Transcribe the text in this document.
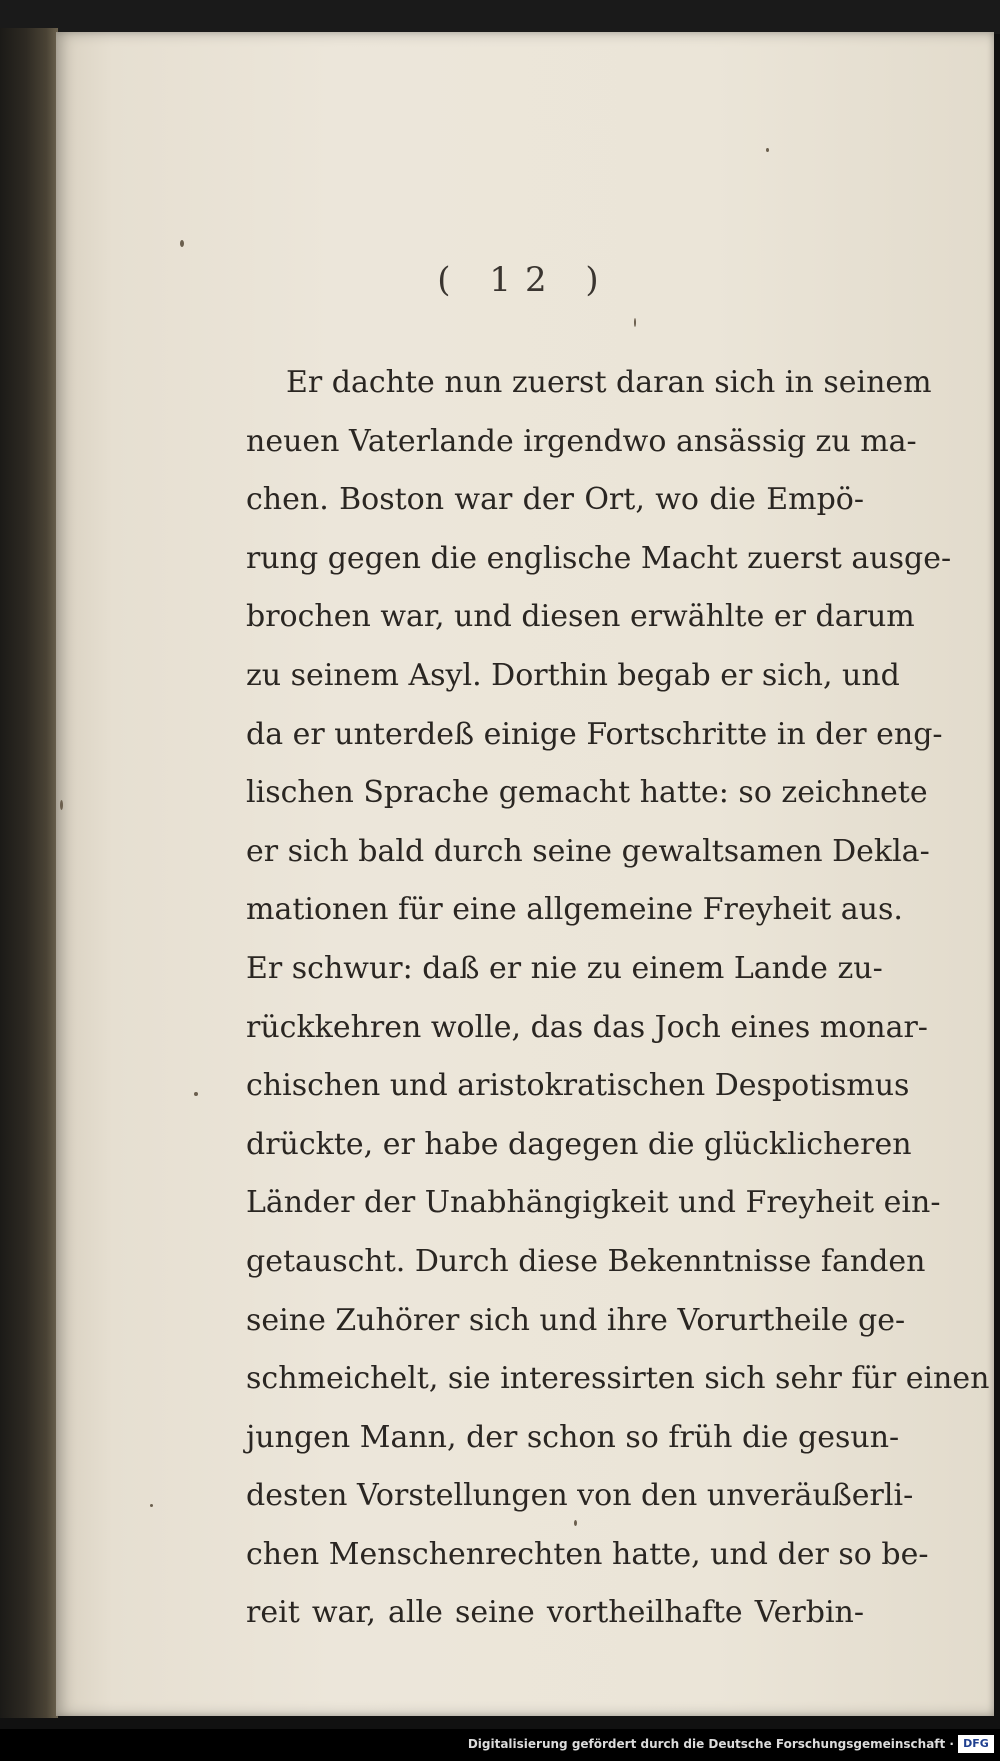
( 12 )
Er dachte nun zuerst daran sich in seinem
neuen Vaterlande irgendwo ansässig zu ma-
chen. Boston war der Ort, wo die Empö-
rung gegen die englische Macht zuerst ausge-
brochen war, und diesen erwählte er darum
zu seinem Asyl. Dorthin begab er sich, und
da er unterdeß einige Fortschritte in der eng-
lischen Sprache gemacht hatte: so zeichnete
er sich bald durch seine gewaltsamen Dekla-
mationen für eine allgemeine Freyheit aus.
Er schwur: daß er nie zu einem Lande zu-
rückkehren wolle, das das Joch eines monar-
chischen und aristokratischen Despotismus
drückte, er habe dagegen die glücklicheren
Länder der Unabhängigkeit und Freyheit ein-
getauscht. Durch diese Bekenntnisse fanden
seine Zuhörer sich und ihre Vorurtheile ge-
schmeichelt, sie interessirten sich sehr für einen
jungen Mann, der schon so früh die gesun-
desten Vorstellungen von den unveräußerli-
chen Menschenrechten hatte, und der so be-
reit war, alle seine vortheilhafte Verbin-
Digitalisierung gefördert durch die Deutsche Forschungsgemeinschaft · DFG
